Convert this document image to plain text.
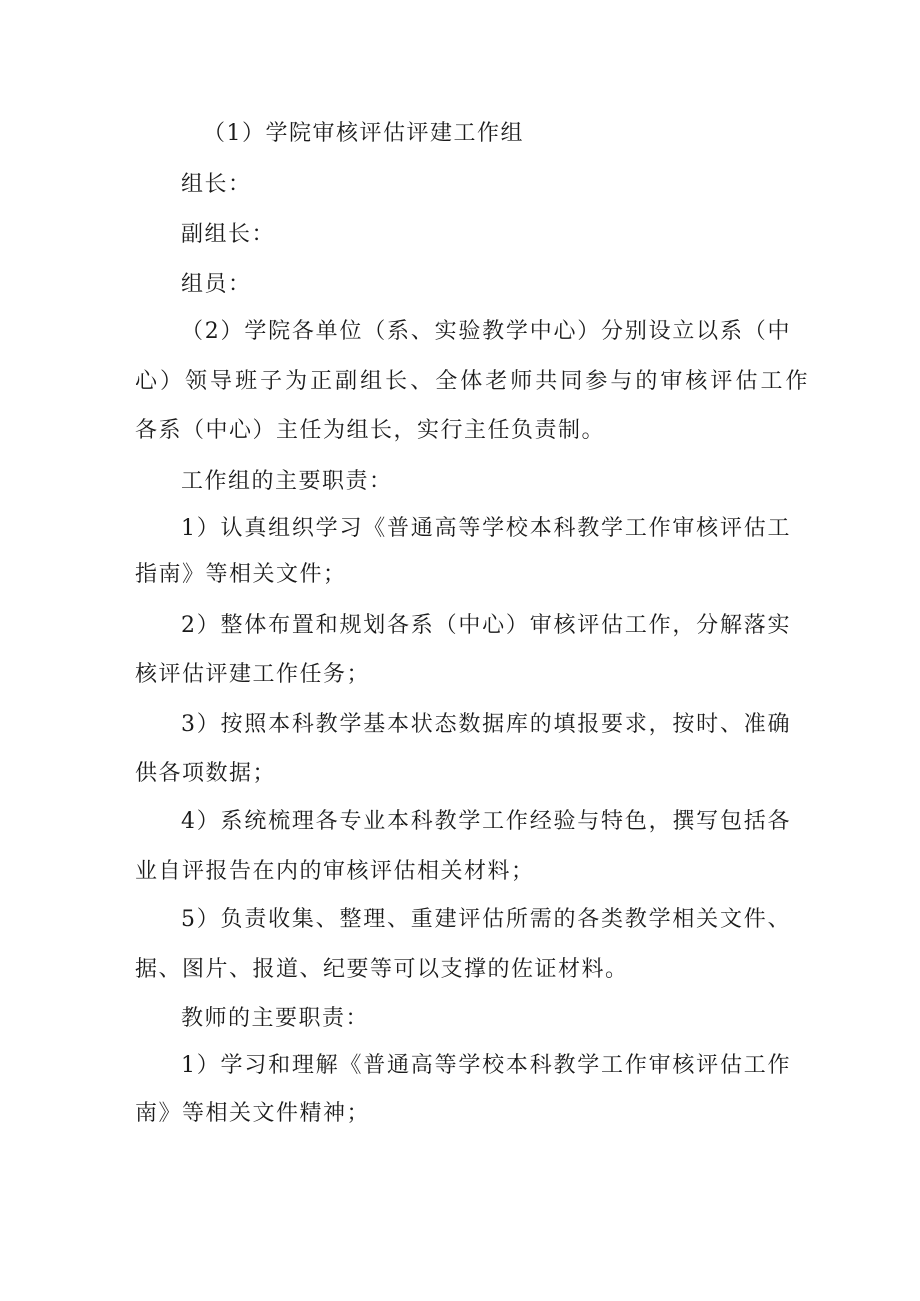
（1）学院审核评估评建工作组

组长：

副组长：

组员：

（2）学院各单位（系、实验教学中心）分别设立以系（中

心）领导班子为正副组长、全体老师共同参与的审核评估工作

各系（中心）主任为组长，实行主任负责制。

工作组的主要职责：

1）认真组织学习《普通高等学校本科教学工作审核评估工

指南》等相关文件；

2）整体布置和规划各系（中心）审核评估工作，分解落实

核评估评建工作任务；

3）按照本科教学基本状态数据库的填报要求，按时、准确

供各项数据；

4）系统梳理各专业本科教学工作经验与特色，撰写包括各

业自评报告在内的审核评估相关材料；

5）负责收集、整理、重建评估所需的各类教学相关文件、

据、图片、报道、纪要等可以支撑的佐证材料。

教师的主要职责：

1）学习和理解《普通高等学校本科教学工作审核评估工作

南》等相关文件精神；
